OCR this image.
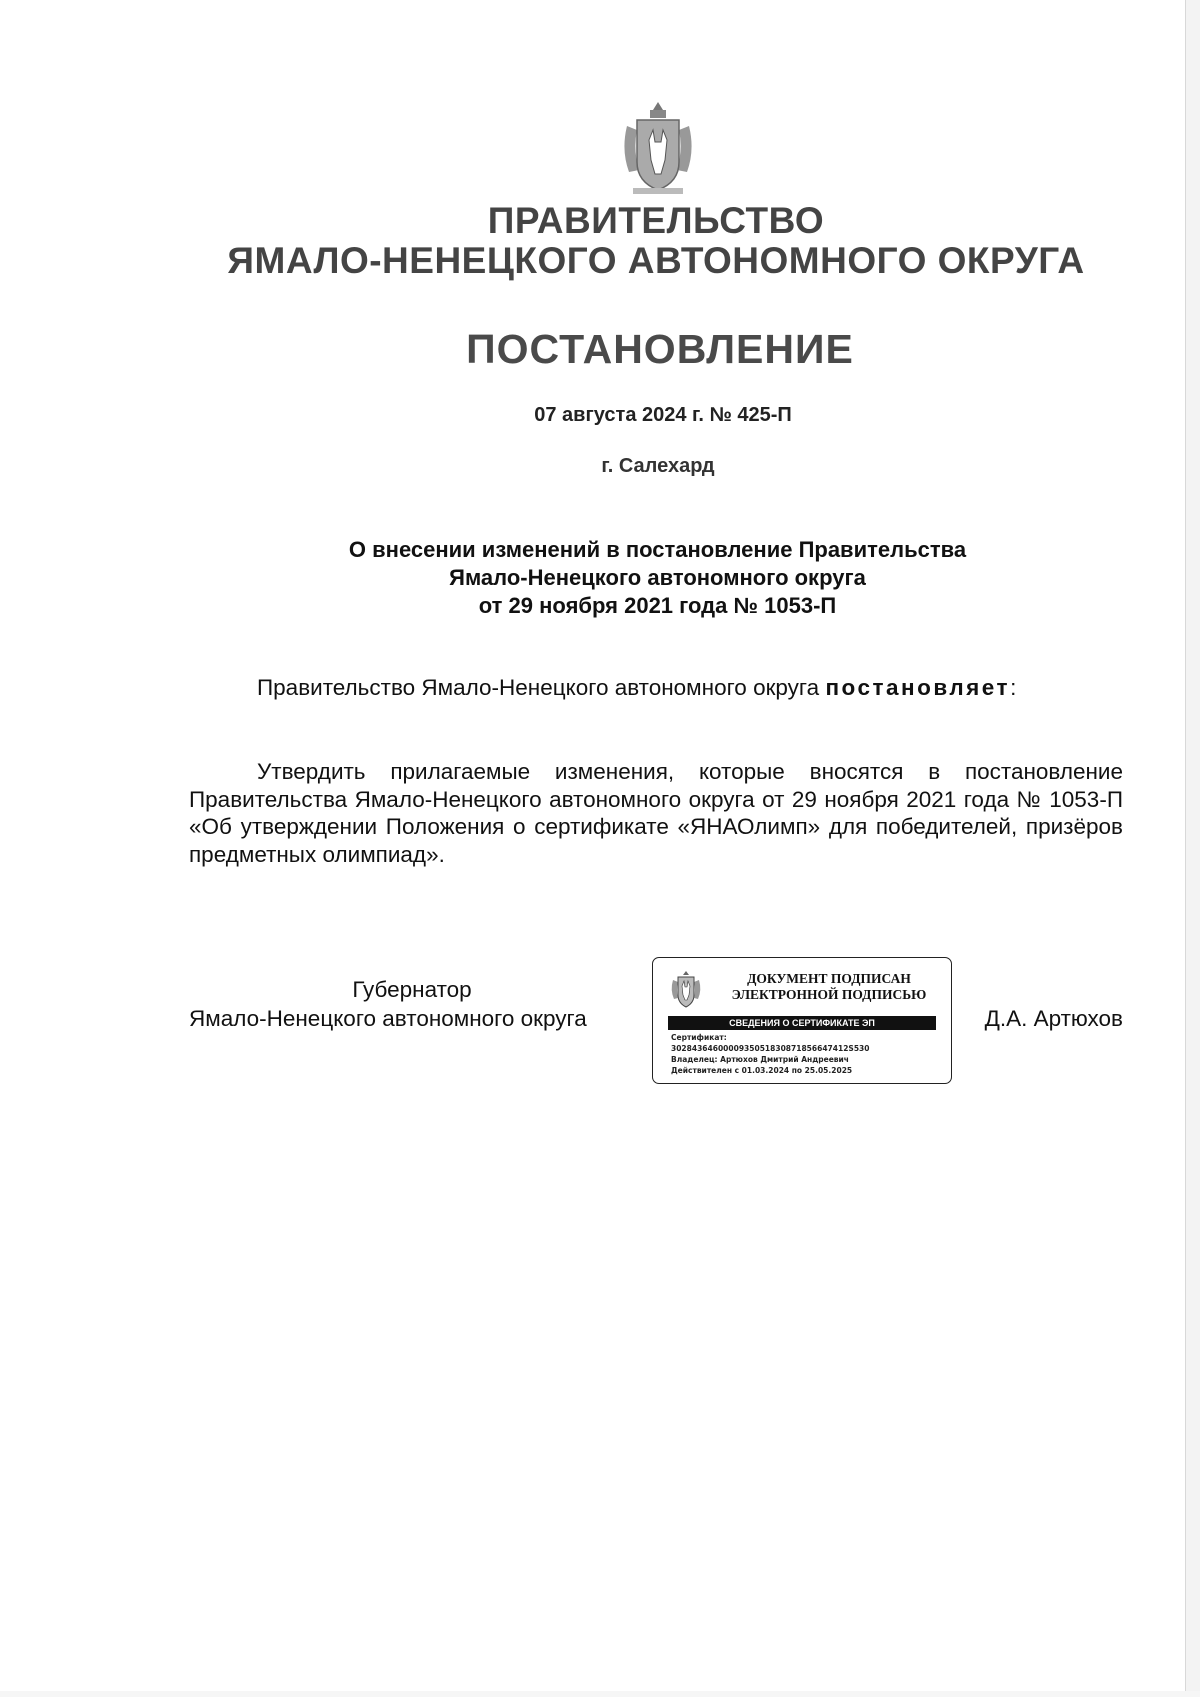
ПРАВИТЕЛЬСТВО
ЯМАЛО-НЕНЕЦКОГО АВТОНОМНОГО ОКРУГА
ПОСТАНОВЛЕНИЕ
07 августа 2024 г. № 425-П
г. Салехард
О внесении изменений в постановление Правительства
Ямало-Ненецкого автономного округа
от 29 ноября 2021 года № 1053-П
Правительство Ямало-Ненецкого автономного округа постановляет:
Утвердить прилагаемые изменения, которые вносятся в постановление Правительства Ямало-Ненецкого автономного округа от 29 ноября 2021 года № 1053-П «Об утверждении Положения о сертификате «ЯНАОлимп» для победителей, призёров предметных олимпиад».
Губернатор
Ямало-Ненецкого автономного округа	Д.А. Артюхов
ДОКУМЕНТ ПОДПИСАН
ЭЛЕКТРОННОЙ ПОДПИСЬЮ
СВЕДЕНИЯ О СЕРТИФИКАТЕ ЭП
Сертификат:
3028436460000935051830871856647412S530
Владелец: Артюхов Дмитрий Андреевич
Действителен с 01.03.2024 по 25.05.2025
